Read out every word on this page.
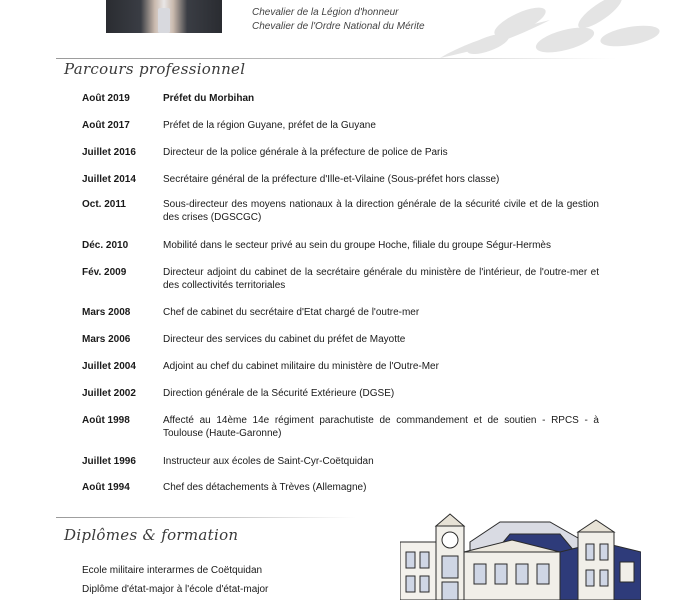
Chevalier de la Légion d'honneur
Chevalier de l'Ordre National du Mérite
Parcours professionnel
Août 2019	Préfet du Morbihan
Août 2017	Préfet de la région Guyane, préfet de la Guyane
Juillet 2016	Directeur de la police générale à la préfecture de police de Paris
Juillet 2014	Secrétaire général de la préfecture d'Ille-et-Vilaine (Sous-préfet hors classe)
Oct. 2011	Sous-directeur des moyens nationaux à la direction générale de la sécurité civile et de la gestion des crises (DGSCGC)
Déc. 2010	Mobilité dans le secteur privé au sein du groupe Hoche, filiale du groupe Ségur-Hermès
Fév. 2009	Directeur adjoint du cabinet de la secrétaire générale du ministère de l'intérieur, de l'outre-mer et des collectivités territoriales
Mars 2008	Chef de cabinet du secrétaire d'Etat chargé de l'outre-mer
Mars 2006	Directeur des services du cabinet du préfet de Mayotte
Juillet 2004	Adjoint au chef du cabinet militaire du ministère de l'Outre-Mer
Juillet 2002	Direction générale de la Sécurité Extérieure (DGSE)
Août 1998	Affecté au 14ème 14e régiment parachutiste de commandement et de soutien - RPCS - à Toulouse (Haute-Garonne)
Juillet 1996	Instructeur aux écoles de Saint-Cyr-Coëtquidan
Août 1994	Chef des détachements à Trèves (Allemagne)
Diplômes & formation
Ecole militaire interarmes de Coëtquidan
Diplôme d'état-major à l'école d'état-major
